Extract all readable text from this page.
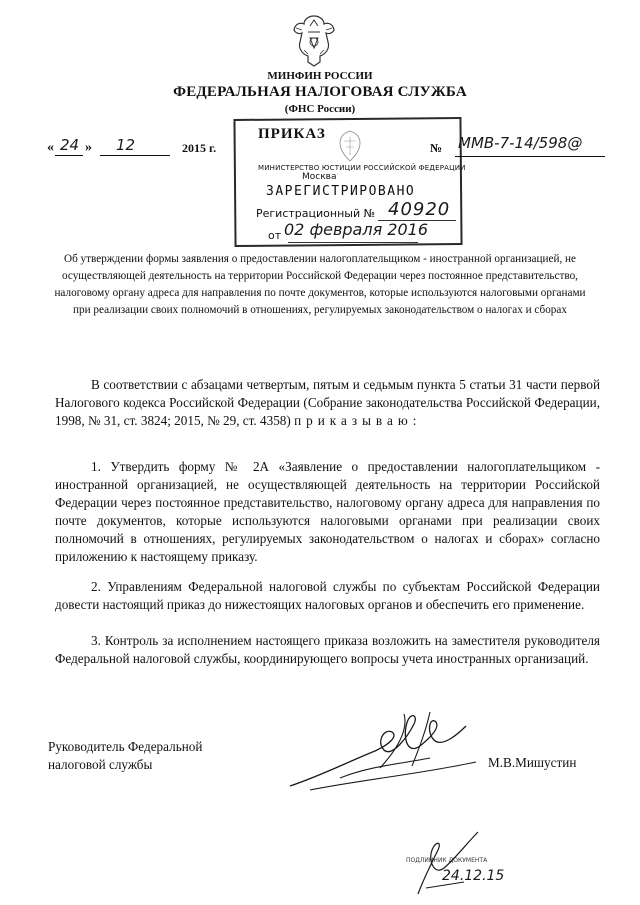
МИНФИН РОССИИ
ФЕДЕРАЛЬНАЯ НАЛОГОВАЯ СЛУЖБА
(ФНС России)
ПРИКАЗ
МИНИСТЕРСТВО ЮСТИЦИИ РОССИЙСКОЙ ФЕДЕРАЦИИ
Москва
ЗАРЕГИСТРИРОВАНО
Регистрационный № 40920
от 02 февраля 2016
« 24 » 12	2015 г.	№ ММВ-7-14/598@
Об утверждении формы заявления о предоставлении налогоплательщиком - иностранной организацией, не осуществляющей деятельность на территории Российской Федерации через постоянное представительство, налоговому органу адреса для направления по почте документов, которые используются налоговыми органами при реализации своих полномочий в отношениях, регулируемых законодательством о налогах и сборах
В соответствии с абзацами четвертым, пятым и седьмым пункта 5 статьи 31 части первой Налогового кодекса Российской Федерации (Собрание законодательства Российской Федерации, 1998, № 31, ст. 3824; 2015, № 29, ст. 4358) приказываю:
1. Утвердить форму № 2А «Заявление о предоставлении налогоплательщиком - иностранной организацией, не осуществляющей деятельность на территории Российской Федерации через постоянное представительство, налоговому органу адреса для направления по почте документов, которые используются налоговыми органами при реализации своих полномочий в отношениях, регулируемых законодательством о налогах и сборах» согласно приложению к настоящему приказу.
2. Управлениям Федеральной налоговой службы по субъектам Российской Федерации довести настоящий приказ до нижестоящих налоговых органов и обеспечить его применение.
3. Контроль за исполнением настоящего приказа возложить на заместителя руководителя Федеральной налоговой службы, координирующего вопросы учета иностранных организаций.
Руководитель Федеральной
налоговой службы	М.В.Мишустин
ПОДЛИННИК ДОКУМЕНТА
24.12.15
